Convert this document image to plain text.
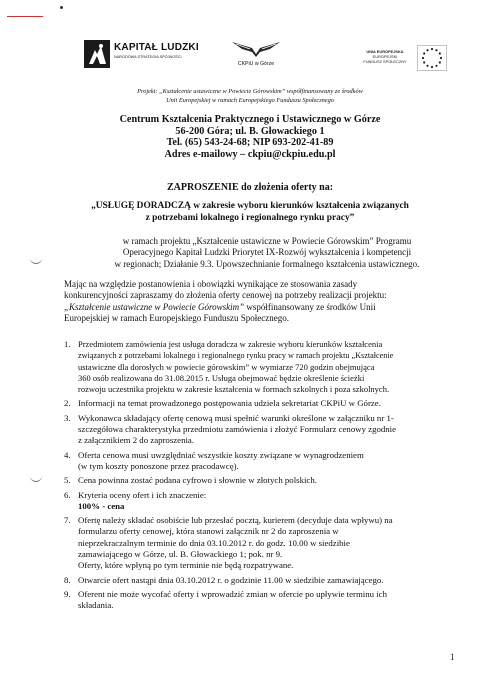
KAPITAŁ LUDZKI
NARODOWA STRATEGIA SPÓJNOŚCI
CKPiU w Górze
UNIA EUROPEJSKA
EUROPEJSKI
FUNDUSZ SPOŁECZNY
Projekt: „Kształcenie ustawiczne w Powiecie Górowskim” współfinansowany ze środków
Unii Europejskiej w ramach Europejskiego Funduszu Społecznego
Centrum Kształcenia Praktycznego i Ustawicznego w Górze
56-200 Góra; ul. B. Głowackiego 1
Tel. (65) 543-24-68; NIP 693-202-41-89
Adres e-mailowy – ckpiu@ckpiu.edu.pl
ZAPROSZENIE do złożenia oferty na:
„USŁUGĘ DORADCZĄ w zakresie wyboru kierunków kształcenia związanych
z potrzebami lokalnego i regionalnego rynku pracy”
w ramach projektu „Kształcenie ustawiczne w Powiecie Górowskim” Programu
Operacyjnego Kapitał Ludzki Priorytet IX-Rozwój wykształcenia i kompetencji
w regionach; Działanie 9.3. Upowszechnianie formalnego kształcenia ustawicznego.
Mając na względzie postanowienia i obowiązki wynikające ze stosowania zasady
konkurencyjności zapraszamy do złożenia oferty cenowej na potrzeby realizacji projektu:
„Kształcenie ustawiczne w Powiecie Górowskim” współfinansowany ze środków Unii
Europejskiej w ramach Europejskiego Funduszu Społecznego.
1. Przedmiotem zamówienia jest usługa doradcza w zakresie wyboru kierunków kształcenia
związanych z potrzebami lokalnego i regionalnego rynku pracy w ramach projektu „Kształcenie
ustawiczne dla dorosłych w powiecie górowskim” w wymiarze 720 godzin obejmująca
360 osób realizowana do 31.08.2015 r. Usługa obejmować będzie określenie ścieżki
rozwoju uczestnika projektu w zakresie kształcenia w formach szkolnych i poza szkolnych.
2. Informacji na temat prowadzonego postępowania udziela sekretariat CKPiU w Górze.
3. Wykonawca składający ofertę cenową musi spełnić warunki określone w załączniku nr 1-
szczegółowa charakterystyka przedmiotu zamówienia i złożyć Formularz cenowy zgodnie
z załącznikiem 2 do zaproszenia.
4. Oferta cenowa musi uwzględniać wszystkie koszty związane w wynagrodzeniem
(w tym koszty ponoszone przez pracodawcę).
5. Cena powinna zostać podana cyfrowo i słownie w złotych polskich.
6. Kryteria oceny ofert i ich znaczenie:
100% - cena
7. Ofertę należy składać osobiście lub przesłać pocztą, kurierem (decyduje data wpływu) na
formularzu oferty cenowej, która stanowi załącznik nr 2 do zaproszenia w
nieprzekraczalnym terminie do dnia 03.10.2012 r. do godz. 10.00 w siedzibie
zamawiającego w Górze, ul. B. Głowackiego 1; pok. nr 9.
Oferty, które wpłyną po tym terminie nie będą rozpatrywane.
8. Otwarcie ofert nastąpi dnia 03.10.2012 r. o godzinie 11.00 w siedzibie zamawiającego.
9. Oferent nie może wycofać oferty i wprowadzić zmian w ofercie po upływie terminu ich
składania.
1
